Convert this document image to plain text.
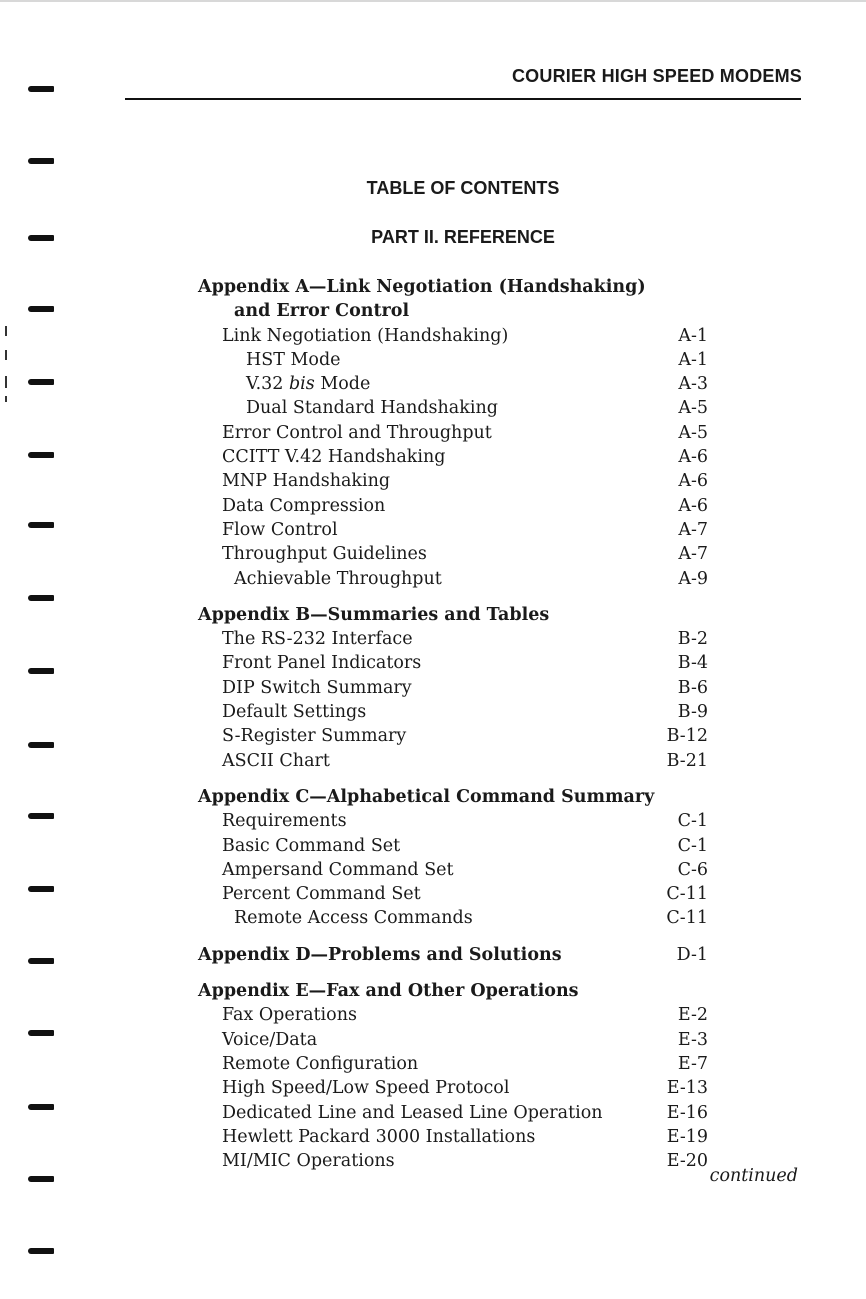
COURIER HIGH SPEED MODEMS
TABLE OF CONTENTS
PART II. REFERENCE
Appendix A—Link Negotiation (Handshaking)
and Error Control
Link Negotiation (Handshaking)	A-1
HST Mode	A-1
V.32 bis Mode	A-3
Dual Standard Handshaking	A-5
Error Control and Throughput	A-5
CCITT V.42 Handshaking	A-6
MNP Handshaking	A-6
Data Compression	A-6
Flow Control	A-7
Throughput Guidelines	A-7
Achievable Throughput	A-9
Appendix B—Summaries and Tables
The RS-232 Interface	B-2
Front Panel Indicators	B-4
DIP Switch Summary	B-6
Default Settings	B-9
S-Register Summary	B-12
ASCII Chart	B-21
Appendix C—Alphabetical Command Summary
Requirements	C-1
Basic Command Set	C-1
Ampersand Command Set	C-6
Percent Command Set	C-11
Remote Access Commands	C-11
Appendix D—Problems and Solutions	D-1
Appendix E—Fax and Other Operations
Fax Operations	E-2
Voice/Data	E-3
Remote Configuration	E-7
High Speed/Low Speed Protocol	E-13
Dedicated Line and Leased Line Operation	E-16
Hewlett Packard 3000 Installations	E-19
MI/MIC Operations	E-20
continued
